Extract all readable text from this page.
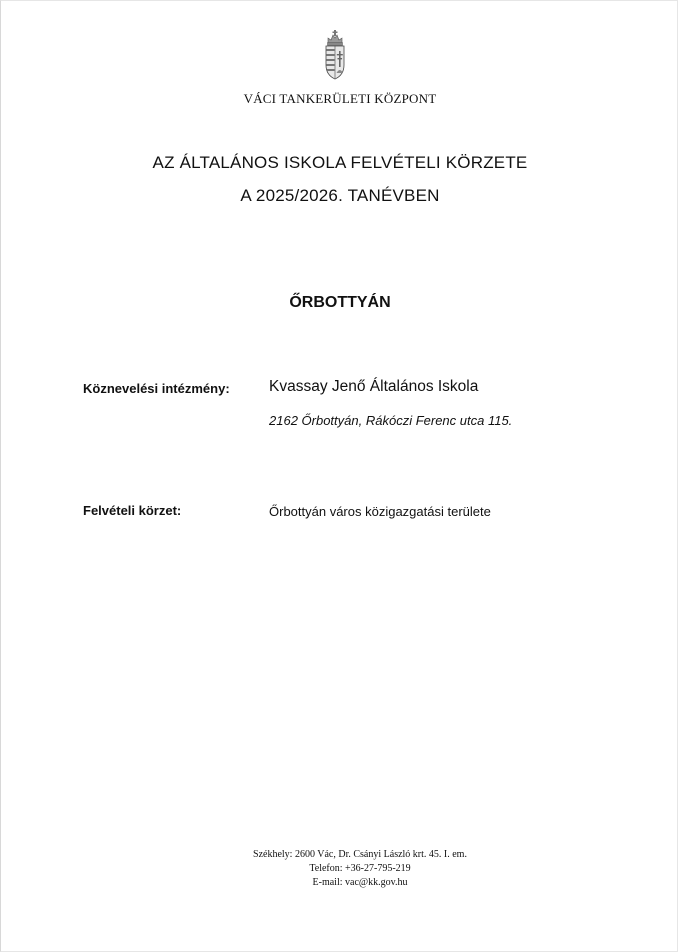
VÁCI TANKERÜLETI KÖZPONT
AZ ÁLTALÁNOS ISKOLA FELVÉTELI KÖRZETE
A 2025/2026. TANÉVBEN
ŐRBOTTYÁN
Köznevelési intézmény:	Kvassay Jenő Általános Iskola
2162 Őrbottyán, Rákóczi Ferenc utca 115.
Felvételi körzet:	Őrbottyán város közigazgatási területe
Székhely: 2600 Vác, Dr. Csányi László krt. 45. I. em.
Telefon: +36-27-795-219
E-mail: vac@kk.gov.hu
